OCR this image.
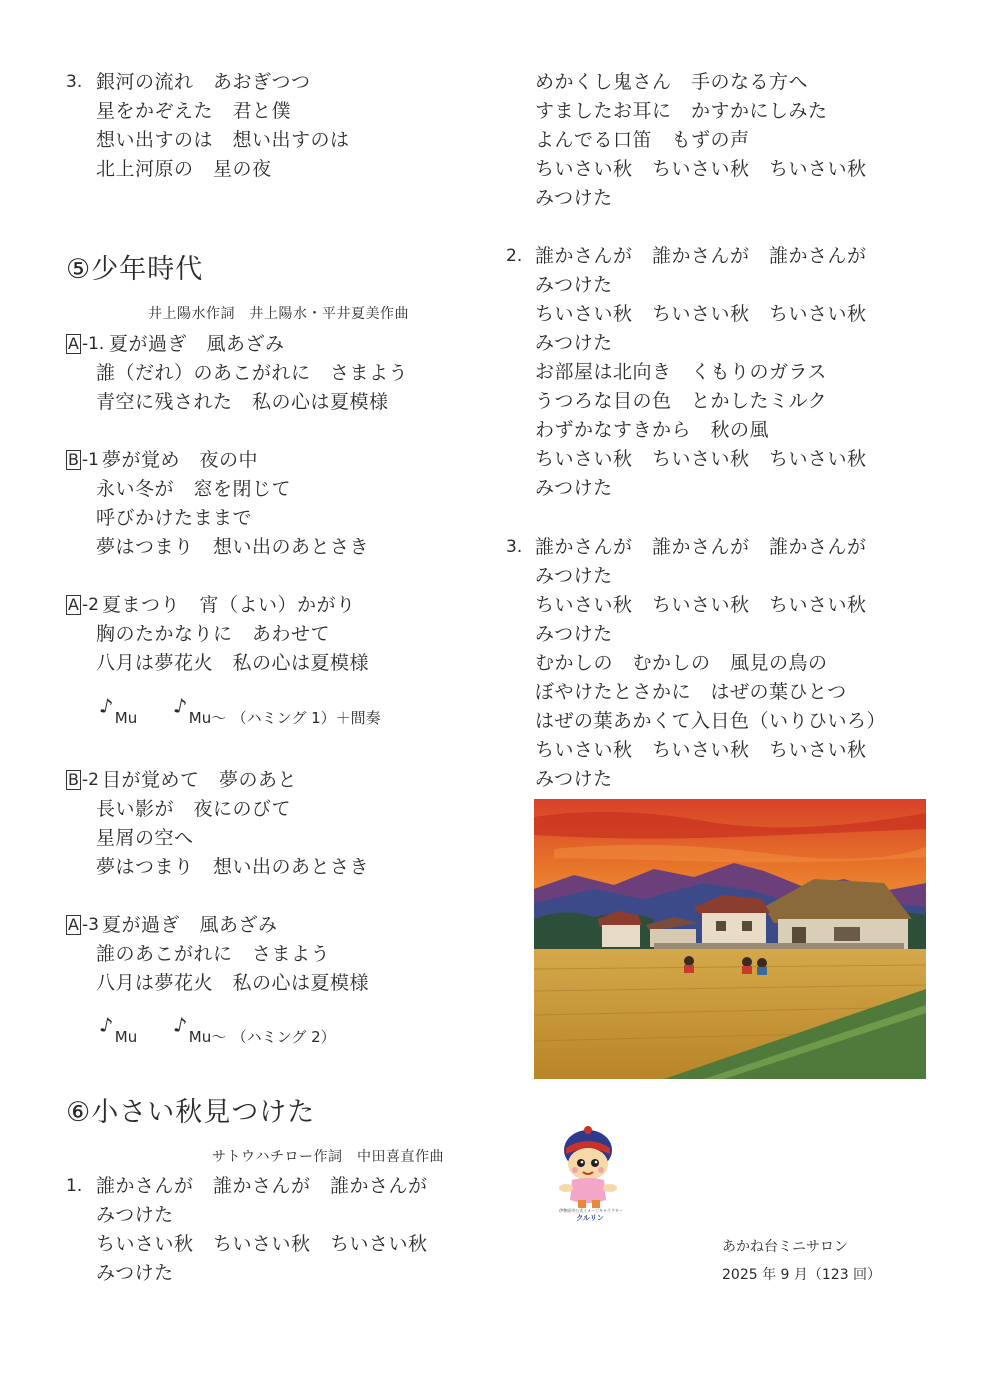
3. 銀河の流れ　あおぎつつ
星をかぞえた　君と僕
想い出すのは　想い出すのは
北上河原の　星の夜
⑤少年時代
井上陽水作詞　井上陽水・平井夏美作曲
A -1. 夏が過ぎ　風あざみ
誰（だれ）のあこがれに　さまよう
青空に残された　私の心は夏模様
B -1 夢が覚め　夜の中
永い冬が　窓を閉じて
呼びかけたままで
夢はつまり　想い出のあとさき
A -2 夏まつり　宵（よい）かがり
胸のたかなりに　あわせて
八月は夢花火　私の心は夏模様
♪Mu ♪Mu～ （ハミング 1）＋間奏
B -2 目が覚めて　夢のあと
長い影が　夜にのびて
星屑の空へ
夢はつまり　想い出のあとさき
A -3 夏が過ぎ　風あざみ
誰のあこがれに　さまよう
八月は夢花火　私の心は夏模様
♪Mu ♪Mu～ （ハミング 2）
⑥小さい秋見つけた
サトウハチロー作詞　中田喜直作曲
1. 誰かさんが　誰かさんが　誰かさんが
みつけた
ちいさい秋　ちいさい秋　ちいさい秋
みつけた
めかくし鬼さん　手のなる方へ
すましたお耳に　かすかにしみた
よんでる口笛　もずの声
ちいさい秋　ちいさい秋　ちいさい秋
みつけた
2. 誰かさんが　誰かさんが　誰かさんが
みつけた
ちいさい秋　ちいさい秋　ちいさい秋
みつけた
お部屋は北向き　くもりのガラス
うつろな目の色　とかしたミルク
わずかなすきから　秋の風
ちいさい秋　ちいさい秋　ちいさい秋
みつけた
3. 誰かさんが　誰かさんが　誰かさんが
みつけた
ちいさい秋　ちいさい秋　ちいさい秋
みつけた
むかしの　むかしの　風見の鳥の
ぼやけたとさかに　はぜの葉ひとつ
はぜの葉あかくて入日色（いりひいろ）
ちいさい秋　ちいさい秋　ちいさい秋
みつけた
伊勢原市公式イメージキャラクター
クルリン
あかね台ミニサロン
2025 年 9 月（123 回）
